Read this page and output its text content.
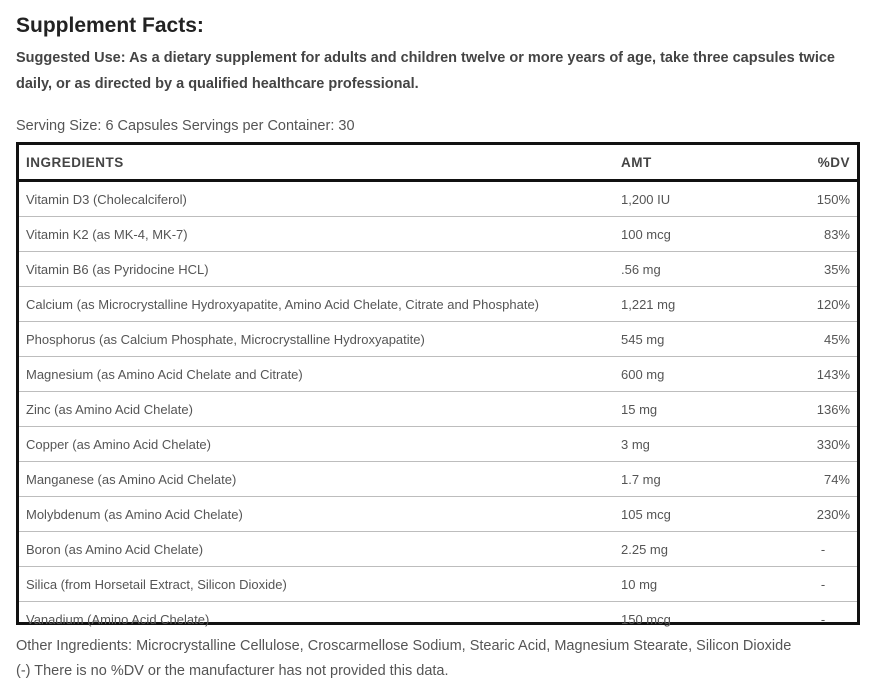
Supplement Facts:
Suggested Use: As a dietary supplement for adults and children twelve or more years of age, take three capsules twice daily, or as directed by a qualified healthcare professional.
Serving Size: 6 Capsules Servings per Container: 30
INGREDIENTS	AMT	%DV
Vitamin D3 (Cholecalciferol)	1,200 IU	150%
Vitamin K2 (as MK-4, MK-7)	100 mcg	83%
Vitamin B6 (as Pyridocine HCL)	.56 mg	35%
Calcium (as Microcrystalline Hydroxyapatite, Amino Acid Chelate, Citrate and Phosphate)	1,221 mg	120%
Phosphorus (as Calcium Phosphate, Microcrystalline Hydroxyapatite)	545 mg	45%
Magnesium (as Amino Acid Chelate and Citrate)	600 mg	143%
Zinc (as Amino Acid Chelate)	15 mg	136%
Copper (as Amino Acid Chelate)	3 mg	330%
Manganese (as Amino Acid Chelate)	1.7 mg	74%
Molybdenum (as Amino Acid Chelate)	105 mcg	230%
Boron (as Amino Acid Chelate)	2.25 mg	-
Silica (from Horsetail Extract, Silicon Dioxide)	10 mg	-
Vanadium (Amino Acid Chelate)	150 mcg	-
Other Ingredients: Microcrystalline Cellulose, Croscarmellose Sodium, Stearic Acid, Magnesium Stearate, Silicon Dioxide
(-) There is no %DV or the manufacturer has not provided this data.
